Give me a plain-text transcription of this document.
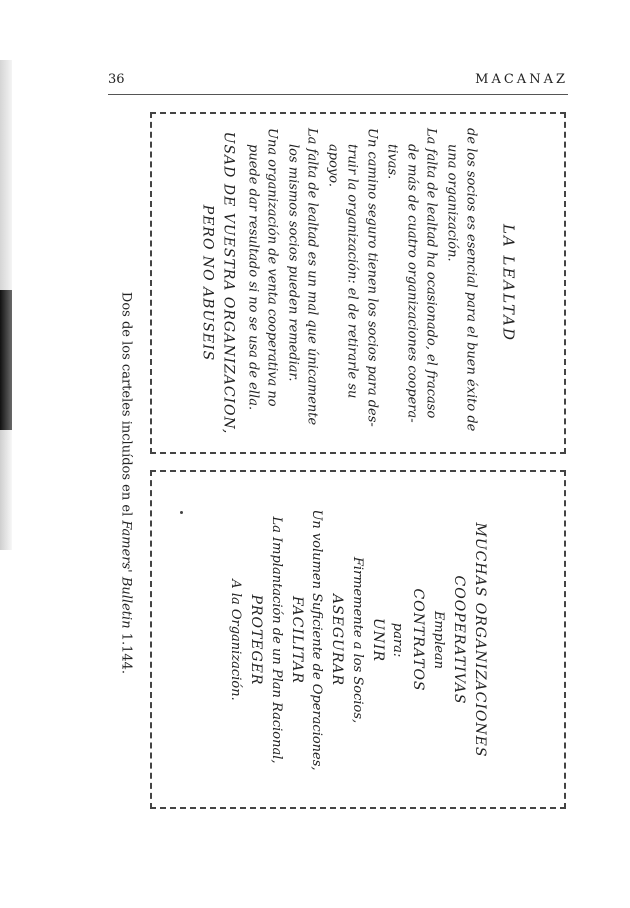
36	MACANAZ
LA LEALTAD

de los socios es esencial para el buen éxito de una organización.

La falta de lealtad ha ocasionado, el fracaso de más de cuatro organizaciones cooperativas.

Un camino seguro tienen los socios para destruir la organización: el de retirarle su apoyo.

La falta de lealtad es un mal que únicamente los mismos socios pueden remediar.

Una organización de venta cooperativa no puede dar resultado si no se usa de ella.

USAD DE VUESTRA ORGANIZACION,
PERO NO ABUSEIS
MUCHAS ORGANIZACIONES
COOPERATIVAS
Emplean
CONTRATOS
para:
UNIR
Firmemente a los Socios,
ASEGURAR
Un volumen Suficiente de Operaciones,
FACILITAR
La Implantación de un Plan Racional,
PROTEGER
A la Organización.
Dos de los carteles incluídos en el Famers' Bulletin 1.144.
